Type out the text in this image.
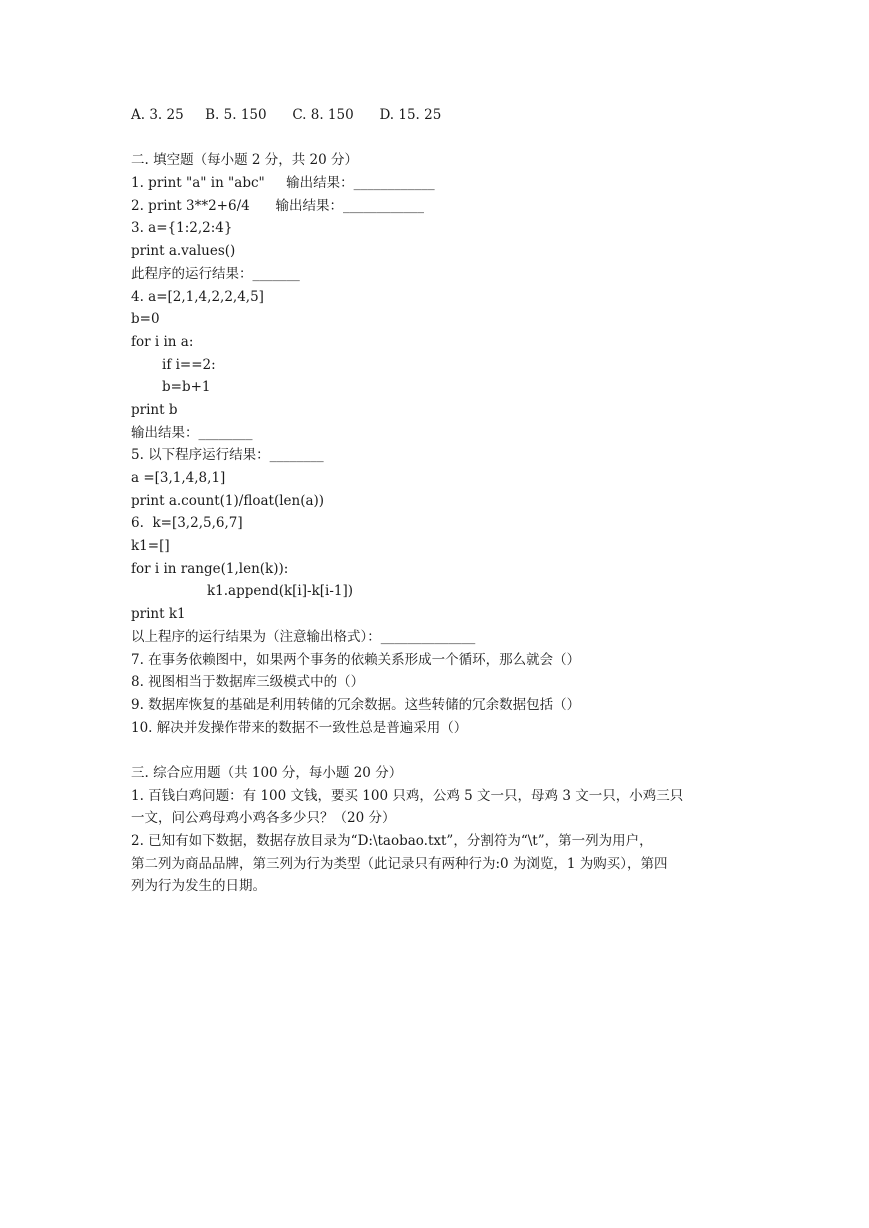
A. 3. 25     B. 5. 150      C. 8. 150      D. 15. 25
二. 填空题（每小题 2 分，共 20 分）
1. print "a" in "abc"     输出结果：____________
2. print 3**2+6/4      输出结果：____________
3. a={1:2,2:4}
print a.values()
此程序的运行结果：_______
4. a=[2,1,4,2,2,4,5]
b=0
for i in a:
if i==2:
b=b+1
print b
输出结果：________
5. 以下程序运行结果：________
a =[3,1,4,8,1]
print a.count(1)/float(len(a))
6.  k=[3,2,5,6,7]
k1=[]
for i in range(1,len(k)):
k1.append(k[i]-k[i-1])
print k1
以上程序的运行结果为（注意输出格式）：______________
7. 在事务依赖图中，如果两个事务的依赖关系形成一个循环，那么就会（）
8. 视图相当于数据库三级模式中的（）
9. 数据库恢复的基础是利用转储的冗余数据。这些转储的冗余数据包括（）
10. 解决并发操作带来的数据不一致性总是普遍采用（）
三. 综合应用题（共 100 分，每小题 20 分）
1. 百钱白鸡问题：有 100 文钱，要买 100 只鸡，公鸡 5 文一只，母鸡 3 文一只，小鸡三只
一文，问公鸡母鸡小鸡各多少只？（20 分）
2. 已知有如下数据，数据存放目录为“D:\taobao.txt”，分割符为“\t”，第一列为用户，
第二列为商品品牌，第三列为行为类型（此记录只有两种行为:0 为浏览，1 为购买），第四
列为行为发生的日期。
